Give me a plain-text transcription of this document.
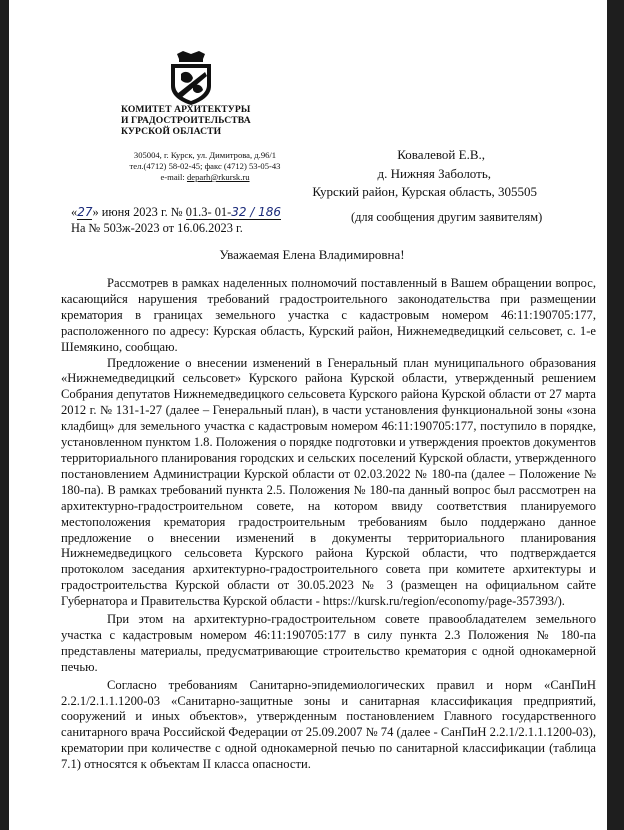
КОМИТЕТ АРХИТЕКТУРЫ
И ГРАДОСТРОИТЕЛЬСТВА
КУРСКОЙ ОБЛАСТИ
305004, г. Курск, ул. Димитрова, д.96/1
тел.(4712) 58-02-45; факс (4712) 53-05-43
e-mail: deparh@rkursk.ru
Ковалевой Е.В.,
д. Нижняя Заболоть,
Курский район, Курская область, 305505
«27» июня 2023 г. № 01.3- 01-32 / 186
На № 503ж-2023 от 16.06.2023 г.
(для сообщения другим заявителям)
Уважаемая Елена Владимировна!

Рассмотрев в рамках наделенных полномочий поставленный в Вашем обращении вопрос, касающийся нарушения требований градостроительного законодательства при размещении крематория в границах земельного участка с кадастровым номером 46:11:190705:177, расположенного по адресу: Курская область, Курский район, Нижнемедведицкий сельсовет, с. 1-е Шемякино, сообщаю.

Предложение о внесении изменений в Генеральный план муниципального образования «Нижнемедведицкий сельсовет» Курского района Курской области, утвержденный решением Собрания депутатов Нижнемедведицкого сельсовета Курского района Курской области от 27 марта 2012 г. № 131-1-27 (далее – Генеральный план), в части установления функциональной зоны «зона кладбищ» для земельного участка с кадастровым номером 46:11:190705:177, поступило в порядке, установленном пунктом 1.8. Положения о порядке подготовки и утверждения проектов документов территориального планирования городских и сельских поселений Курской области, утвержденного постановлением Администрации Курской области от 02.03.2022 № 180-па (далее – Положение № 180-па). В рамках требований пункта 2.5. Положения № 180-па данный вопрос был рассмотрен на архитектурно-градостроительном совете, на котором ввиду соответствия планируемого местоположения крематория градостроительным требованиям было поддержано данное предложение о внесении изменений в документы территориального планирования Нижнемедведицкого сельсовета Курского района Курской области, что подтверждается протоколом заседания архитектурно-градостроительного совета при комитете архитектуры и градостроительства Курской области от 30.05.2023 № 3 (размещен на официальном сайте Губернатора и Правительства Курской области - https://kursk.ru/region/economy/page-357393/).

При этом на архитектурно-градостроительном совете правообладателем земельного участка с кадастровым номером 46:11:190705:177 в силу пункта 2.3 Положения № 180-па представлены материалы, предусматривающие строительство крематория с одной однокамерной печью.

Согласно требованиям Санитарно-эпидемиологических правил и норм «СанПиН 2.2.1/2.1.1.1200-03 «Санитарно-защитные зоны и санитарная классификация предприятий, сооружений и иных объектов», утвержденным постановлением Главного государственного санитарного врача Российской Федерации от 25.09.2007 № 74 (далее - СанПиН 2.2.1/2.1.1.1200-03), крематории при количестве с одной однокамерной печью по санитарной классификации (таблица 7.1) относятся к объектам II класса опасности.
